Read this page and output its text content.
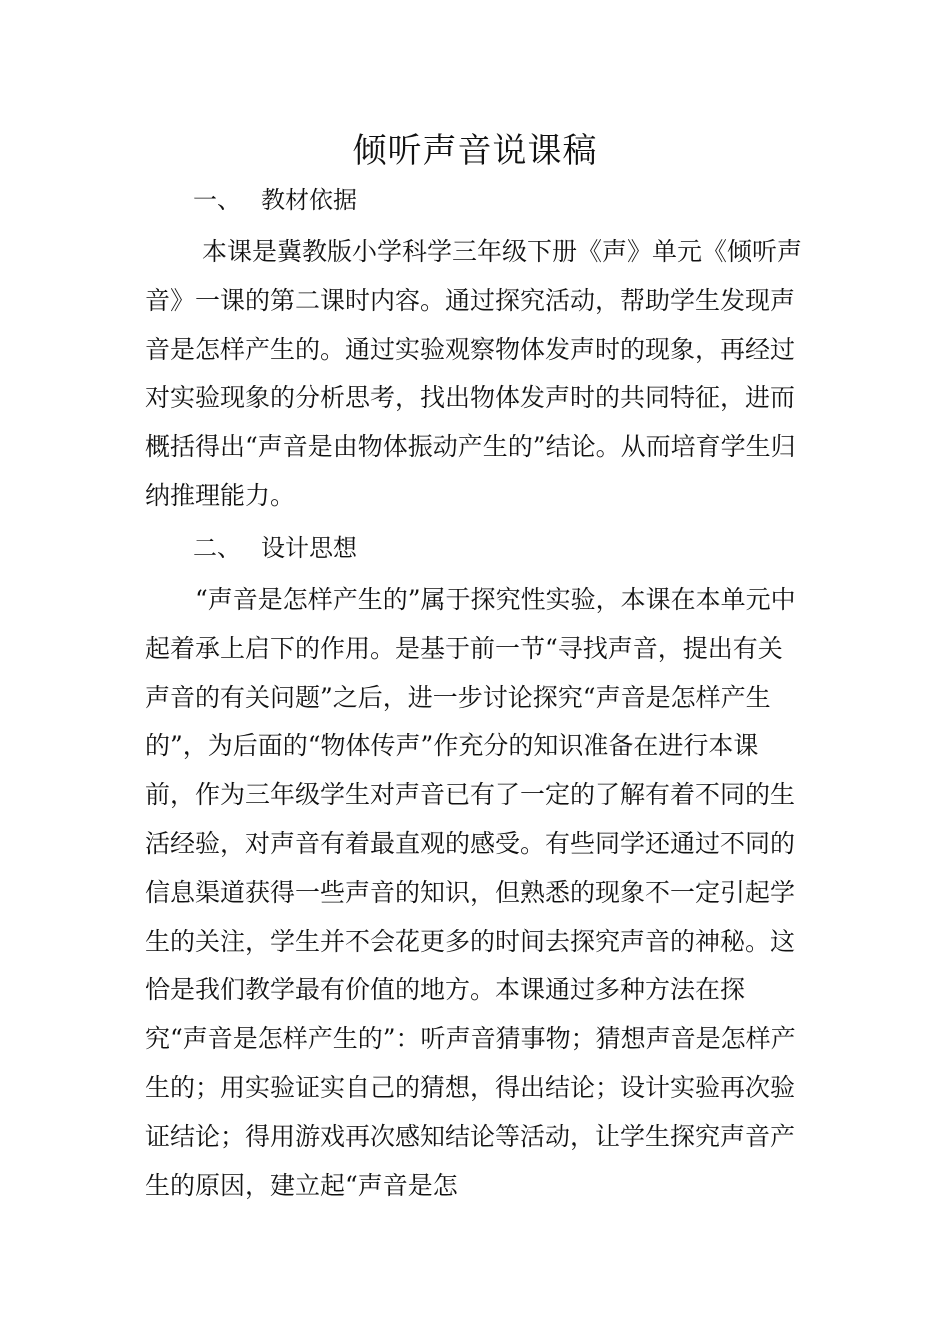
倾听声音说课稿
一、 教材依据

本课是冀教版小学科学三年级下册《声》单元《倾听声音》一课的第二课时内容。通过探究活动，帮助学生发现声音是怎样产生的。通过实验观察物体发声时的现象，再经过对实验现象的分析思考，找出物体发声时的共同特征，进而概括得出“声音是由物体振动产生的”结论。从而培育学生归纳推理能力。

二、 设计思想

“声音是怎样产生的”属于探究性实验，本课在本单元中起着承上启下的作用。是基于前一节“寻找声音，提出有关声音的有关问题”之后，进一步讨论探究“声音是怎样产生的”，为后面的“物体传声”作充分的知识准备在进行本课前，作为三年级学生对声音已有了一定的了解有着不同的生活经验，对声音有着最直观的感受。有些同学还通过不同的信息渠道获得一些声音的知识，但熟悉的现象不一定引起学生的关注，学生并不会花更多的时间去探究声音的神秘。这恰是我们教学最有价值的地方。本课通过多种方法在探究“声音是怎样产生的”：听声音猜事物；猜想声音是怎样产生的；用实验证实自己的猜想，得出结论；设计实验再次验证结论；得用游戏再次感知结论等活动，让学生探究声音产生的原因，建立起“声音是怎
